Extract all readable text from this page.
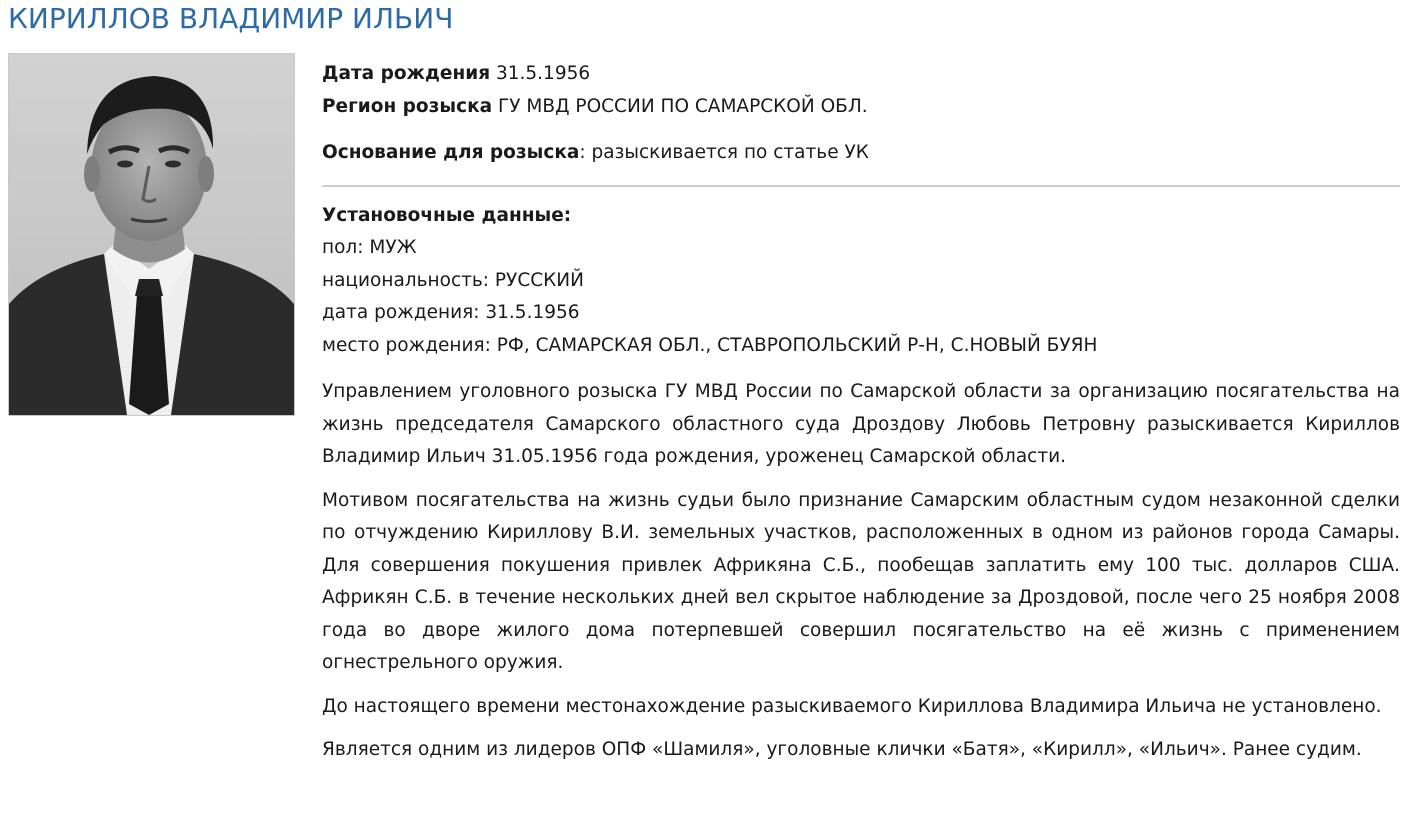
КИРИЛЛОВ ВЛАДИМИР ИЛЬИЧ

Дата рождения 31.5.1956

Регион розыска ГУ МВД РОССИИ ПО САМАРСКОЙ ОБЛ.

Основание для розыска: разыскивается по статье УК

Установочные данные:

пол: МУЖ

национальность: РУССКИЙ

дата рождения: 31.5.1956

место рождения: РФ, САМАРСКАЯ ОБЛ., СТАВРОПОЛЬСКИЙ Р-Н, С.НОВЫЙ БУЯН

Управлением уголовного розыска ГУ МВД России по Самарской области за организацию посягательства на жизнь председателя Самарского областного суда Дроздову Любовь Петровну разыскивается Кириллов Владимир Ильич 31.05.1956 года рождения, уроженец Самарской области.

Мотивом посягательства на жизнь судьи было признание Самарским областным судом незаконной сделки по отчуждению Кириллову В.И. земельных участков, расположенных в одном из районов города Самары. Для совершения покушения привлек Африкяна С.Б., пообещав заплатить ему 100 тыс. долларов США. Африкян С.Б. в течение нескольких дней вел скрытое наблюдение за Дроздовой, после чего 25 ноября 2008 года во дворе жилого дома потерпевшей совершил посягательство на её жизнь с применением огнестрельного оружия.

До настоящего времени местонахождение разыскиваемого Кириллова Владимира Ильича не установлено.

Является одним из лидеров ОПФ «Шамиля», уголовные клички «Батя», «Кирилл», «Ильич». Ранее судим.
